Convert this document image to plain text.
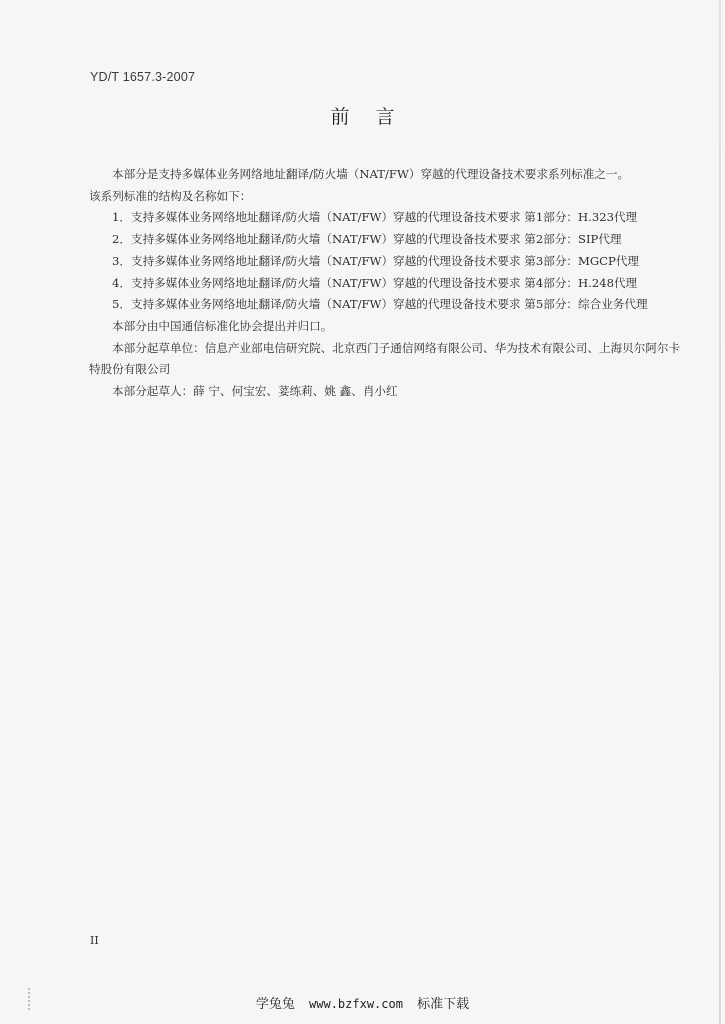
YD/T 1657.3-2007
前言

本部分是支持多媒体业务网络地址翻译/防火墙（NAT/FW）穿越的代理设备技术要求系列标准之一。

该系列标准的结构及名称如下：

1．支持多媒体业务网络地址翻译/防火墙（NAT/FW）穿越的代理设备技术要求 第1部分：H.323代理

2．支持多媒体业务网络地址翻译/防火墙（NAT/FW）穿越的代理设备技术要求 第2部分：SIP代理

3．支持多媒体业务网络地址翻译/防火墙（NAT/FW）穿越的代理设备技术要求 第3部分：MGCP代理

4．支持多媒体业务网络地址翻译/防火墙（NAT/FW）穿越的代理设备技术要求 第4部分：H.248代理

5．支持多媒体业务网络地址翻译/防火墙（NAT/FW）穿越的代理设备技术要求 第5部分：综合业务代理

本部分由中国通信标准化协会提出并归口。

本部分起草单位：信息产业部电信研究院、北京西门子通信网络有限公司、华为技术有限公司、上海贝尔阿尔卡特股份有限公司

本部分起草人：薛 宁、何宝宏、荽练莉、姚 鑫、肖小红

II
学兔兔 www.bzfxw.com 标准下载
